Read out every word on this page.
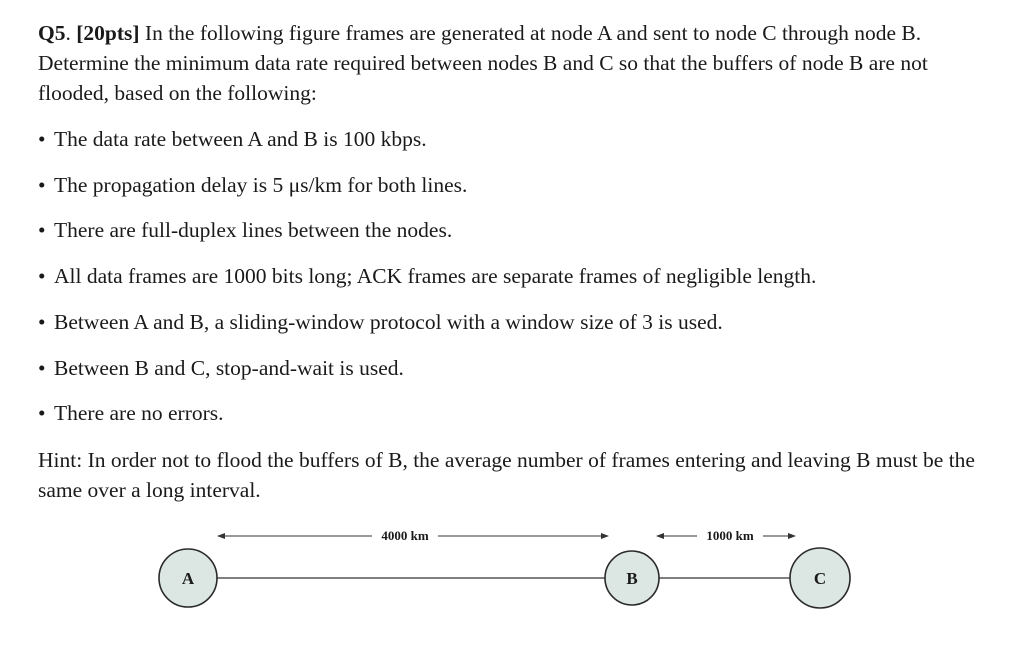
Q5. [20pts] In the following figure frames are generated at node A and sent to node C through node B. Determine the minimum data rate required between nodes B and C so that the buffers of node B are not flooded, based on the following:

• The data rate between A and B is 100 kbps.
• The propagation delay is 5 μs/km for both lines.
• There are full-duplex lines between the nodes.
• All data frames are 1000 bits long; ACK frames are separate frames of negligible length.
• Between A and B, a sliding-window protocol with a window size of 3 is used.
• Between B and C, stop-and-wait is used.
• There are no errors.

Hint: In order not to flood the buffers of B, the average number of frames entering and leaving B must be the same over a long interval.

4000 km	1000 km
A	B	C
